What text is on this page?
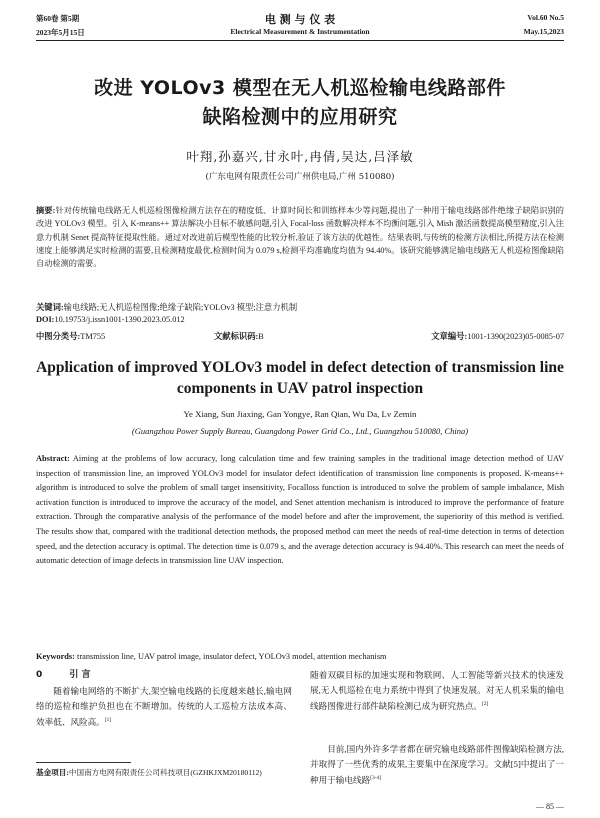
第60卷 第5期	电 测 与 仪 表	Vol.60 No.5
2023年5月15日	Electrical Measurement & Instrumentation	May.15,2023
改进 YOLOv3 模型在无人机巡检输电线路部件
缺陷检测中的应用研究
叶翔,孙嘉兴,甘永叶,冉倩,吴达,吕泽敏
(广东电网有限责任公司广州供电局,广州 510080)
摘要:针对传统输电线路无人机巡检图像检测方法存在的精度低、计算时间长和训练样本少等问题,提出了一种用于输电线路部件绝缘子缺陷识别的改进 YOLOv3 模型。引入 K-means++ 算法解决小目标不敏感问题,引入 Focal-loss 函数解决样本不均衡问题,引入 Mish 激活函数提高模型精度,引入注意力机制 Senet 提高特征提取性能。通过对改进前后模型性能的比较分析,验证了该方法的优越性。结果表明,与传统的检测方法相比,所提方法在检测速度上能够满足实时检测的需要,且检测精度最优,检测时间为 0.079 s,检测平均准确度均值为 94.40%。该研究能够满足输电线路无人机巡检图像缺陷自动检测的需要。
关键词:输电线路;无人机巡检图像;绝缘子缺陷;YOLOv3 模型;注意力机制
DOI:10.19753/j.issn1001-1390.2023.05.012
中图分类号:TM755	文献标识码:B	文章编号:1001-1390(2023)05-0085-07
Application of improved YOLOv3 model in defect detection of transmission line
components in UAV patrol inspection
Ye Xiang, Sun Jiaxing, Gan Yongye, Ran Qian, Wu Da, Lv Zemin
(Guangzhou Power Supply Bureau, Guangdong Power Grid Co., Ltd., Guangzhou 510080, China)
Abstract: Aiming at the problems of low accuracy, long calculation time and few training samples in the traditional image detection method of UAV inspection of transmission line, an improved YOLOv3 model for insulator defect identification of transmission line components is proposed. K-means++ algorithm is introduced to solve the problem of small target insensitivity, Focalloss function is introduced to solve the problem of sample imbalance, Mish activation function is introduced to improve the accuracy of the model, and Senet attention mechanism is introduced to improve the performance of feature extraction. Through the comparative analysis of the performance of the model before and after the improvement, the superiority of this method is verified. The results show that, compared with the traditional detection methods, the proposed method can meet the needs of real-time detection in terms of detection speed, and the detection accuracy is optimal. The detection time is 0.079 s, and the average detection accuracy is 94.40%. This research can meet the needs of automatic detection of image defects in transmission line UAV inspection.
Keywords: transmission line, UAV patrol image, insulator defect, YOLOv3 model, attention mechanism
0	引 言
随着输电网络的不断扩大,架空输电线路的长度越来越长,输电网络的巡检和维护负担也在不断增加。传统的人工巡检方法成本高、效率低、风险高。[1]
基金项目:中国南方电网有限责任公司科技项目(GZHKJXM20180112)
随着双碳目标的加速实现和物联网、人工智能等新兴技术的快速发展,无人机巡检在电力系统中得到了快速发展。对无人机采集的输电线路图像进行部件缺陷检测已成为研究热点。[2]
目前,国内外许多学者都在研究输电线路部件图像缺陷检测方法,并取得了一些优秀的成果,主要集中在深度学习。文献[5]中提出了一种用于输电线路[3-4]
— 85 —
